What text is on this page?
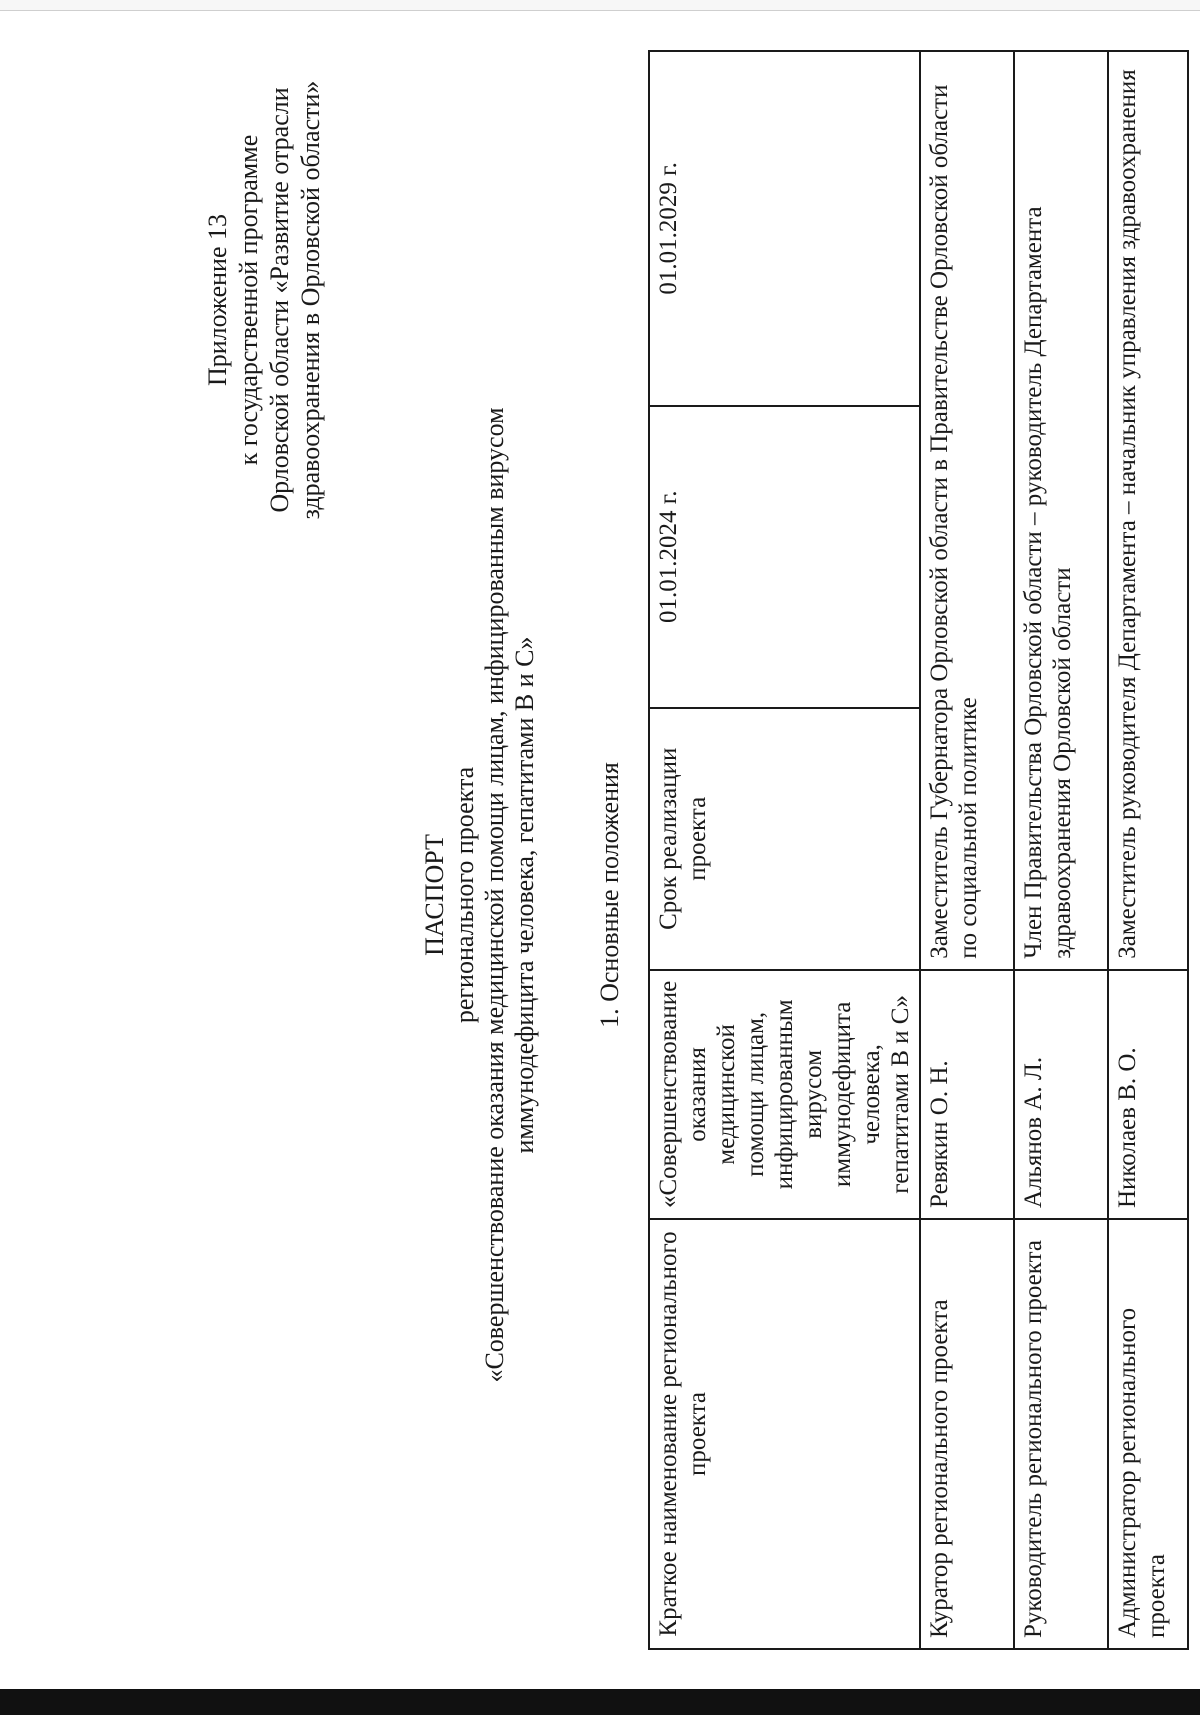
Приложение 13 к государственной программе Орловской области «Развитие отрасли здравоохранения в Орловской области»
ПАСПОРТ регионального проекта «Совершенствование оказания медицинской помощи лицам, инфицированным вирусом иммунодефицита человека, гепатитами В и С» 1. Основные положения
Краткое наименование регионального проекта	«Совершенствование оказания медицинской помощи лицам, инфицированным вирусом иммунодефицита человека, гепатитами В и С»	Срок реализации проекта	01.01.2024 г.	01.01.2029 г.
Куратор регионального проекта	Ревякин О. Н.	Заместитель Губернатора Орловской области в Правительстве Орловской области по социальной политике		
Руководитель регионального проекта	Альянов А. Л.	Член Правительства Орловской области – руководитель Департамента здравоохранения Орловской области		
Администратор регионального проекта	Николаев В. О.	Заместитель руководителя Департамента – начальник управления здравоохранения		
